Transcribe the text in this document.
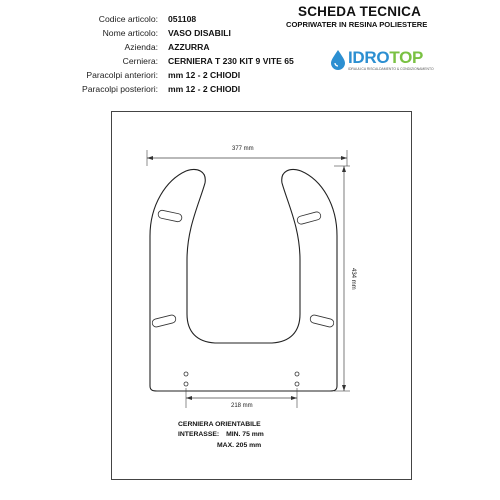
Codice articolo: 051108
Nome articolo: VASO DISABILI
Azienda: AZZURRA
Cerniera: CERNIERA T 230 KIT 9 VITE 65
Paracolpi anteriori: mm 12 - 2 CHIODI
Paracolpi posteriori: mm 12 - 2 CHIODI
SCHEDA TECNICA
COPRIWATER IN RESINA POLIESTERE
IDROTOP
IDRAULICA RISCALDAMENTO & CONDIZIONAMENTO
377 mm
434 mm
218 mm
CERNIERA ORIENTABILE
INTERASSE: MIN. 75 mm
MAX. 205 mm
